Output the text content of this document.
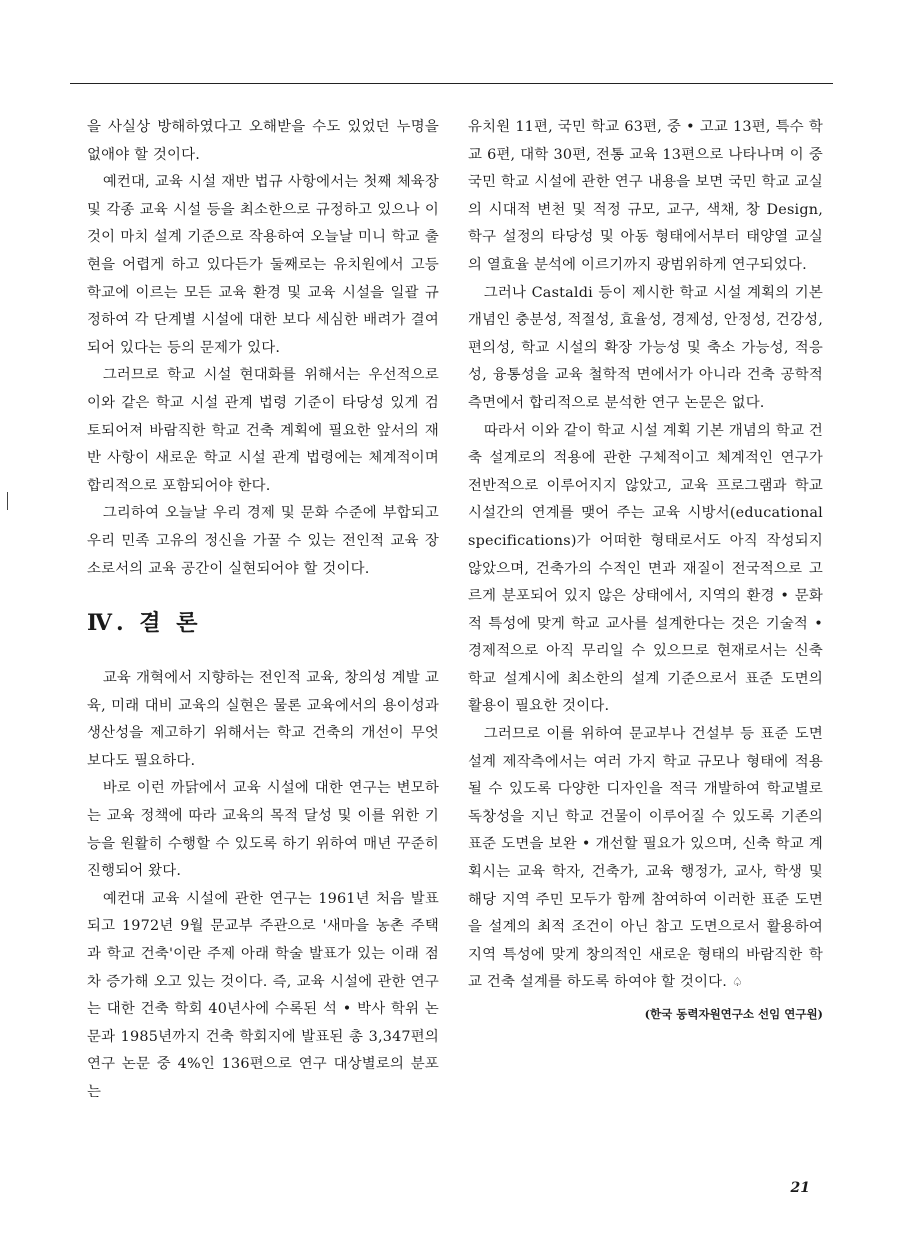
을 사실상 방해하였다고 오해받을 수도 있었던 누명을 없애야 할 것이다.

예컨대, 교육 시설 재반 법규 사항에서는 첫째 체육장 및 각종 교육 시설 등을 최소한으로 규정하고 있으나 이것이 마치 설계 기준으로 작용하여 오늘날 미니 학교 출현을 어렵게 하고 있다든가 둘째로는 유치원에서 고등 학교에 이르는 모든 교육 환경 및 교육 시설을 일괄 규정하여 각 단계별 시설에 대한 보다 세심한 배려가 결여되어 있다는 등의 문제가 있다.

그러므로 학교 시설 현대화를 위해서는 우선적으로 이와 같은 학교 시설 관계 법령 기준이 타당성 있게 검토되어져 바람직한 학교 건축 계획에 필요한 앞서의 재반 사항이 새로운 학교 시설 관계 법령에는 체계적이며 합리적으로 포함되어야 한다.

그리하여 오늘날 우리 경제 및 문화 수준에 부합되고 우리 민족 고유의 정신을 가꿀 수 있는 전인적 교육 장소로서의 교육 공간이 실현되어야 할 것이다.

Ⅳ. 결 론

교육 개혁에서 지향하는 전인적 교육, 창의성 계발 교육, 미래 대비 교육의 실현은 물론 교육에서의 용이성과 생산성을 제고하기 위해서는 학교 건축의 개선이 무엇보다도 필요하다.

바로 이런 까닭에서 교육 시설에 대한 연구는 변모하는 교육 정책에 따라 교육의 목적 달성 및 이를 위한 기능을 원활히 수행할 수 있도록 하기 위하여 매년 꾸준히 진행되어 왔다.

예컨대 교육 시설에 관한 연구는 1961년 처음 발표되고 1972년 9월 문교부 주관으로 '새마을 농촌 주택과 학교 건축'이란 주제 아래 학술 발표가 있는 이래 점차 증가해 오고 있는 것이다. 즉, 교육 시설에 관한 연구는 대한 건축 학회 40년사에 수록된 석 • 박사 학위 논문과 1985년까지 건축 학회지에 발표된 총 3,347편의 연구 논문 중 4%인 136편으로 연구 대상별로의 분포는

유치원 11편, 국민 학교 63편, 중 • 고교 13편, 특수 학교 6편, 대학 30편, 전통 교육 13편으로 나타나며 이 중 국민 학교 시설에 관한 연구 내용을 보면 국민 학교 교실의 시대적 변천 및 적정 규모, 교구, 색채, 창 Design, 학구 설정의 타당성 및 아동 형태에서부터 태양열 교실의 열효율 분석에 이르기까지 광범위하게 연구되었다.

그러나 Castaldi 등이 제시한 학교 시설 계획의 기본 개념인 충분성, 적절성, 효율성, 경제성, 안정성, 건강성, 편의성, 학교 시설의 확장 가능성 및 축소 가능성, 적응성, 융통성을 교육 철학적 면에서가 아니라 건축 공학적 측면에서 합리적으로 분석한 연구 논문은 없다.

따라서 이와 같이 학교 시설 계획 기본 개념의 학교 건축 설계로의 적용에 관한 구체적이고 체계적인 연구가 전반적으로 이루어지지 않았고, 교육 프로그램과 학교 시설간의 연계를 맺어 주는 교육 시방서(educational specifications)가 어떠한 형태로서도 아직 작성되지 않았으며, 건축가의 수적인 면과 재질이 전국적으로 고르게 분포되어 있지 않은 상태에서, 지역의 환경 • 문화적 특성에 맞게 학교 교사를 설계한다는 것은 기술적 • 경제적으로 아직 무리일 수 있으므로 현재로서는 신축 학교 설계시에 최소한의 설계 기준으로서 표준 도면의 활용이 필요한 것이다.

그러므로 이를 위하여 문교부나 건설부 등 표준 도면 설계 제작측에서는 여러 가지 학교 규모나 형태에 적용될 수 있도록 다양한 디자인을 적극 개발하여 학교별로 독창성을 지닌 학교 건물이 이루어질 수 있도록 기존의 표준 도면을 보완 • 개선할 필요가 있으며, 신축 학교 계획시는 교육 학자, 건축가, 교육 행정가, 교사, 학생 및 해당 지역 주민 모두가 함께 참여하여 이러한 표준 도면을 설계의 최적 조건이 아닌 참고 도면으로서 활용하여 지역 특성에 맞게 창의적인 새로운 형태의 바람직한 학교 건축 설계를 하도록 하여야 할 것이다. ♤

(한국 동력자원연구소 선임 연구원)
21
